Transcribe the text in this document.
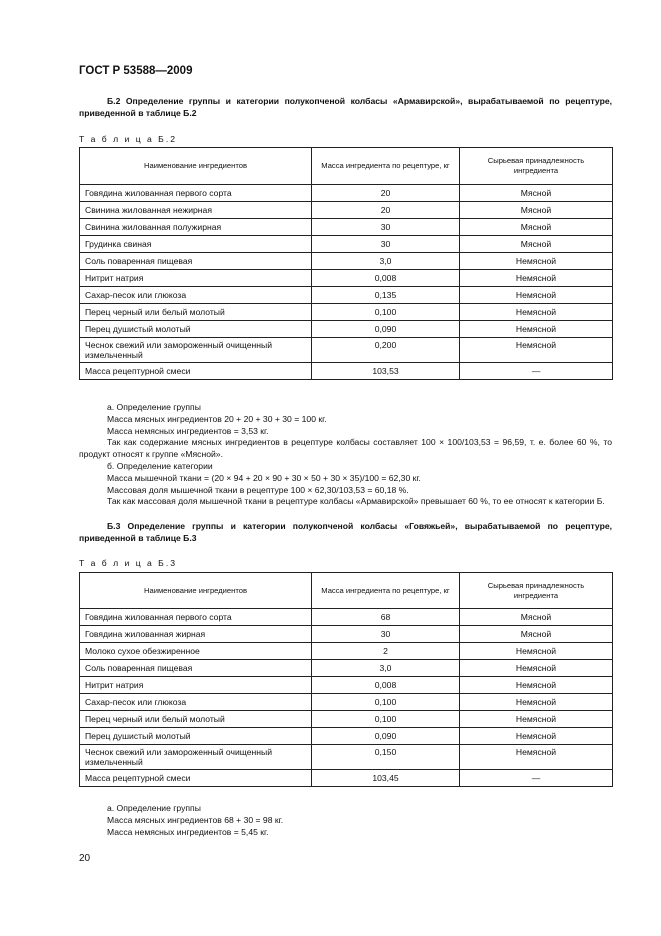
ГОСТ Р 53588—2009
Б.2 Определение группы и категории полукопченой колбасы «Армавирской», вырабатываемой по рецептуре, приведенной в таблице Б.2
Т а б л и ц а Б.2
Наименование ингредиентов	Масса ингредиента по рецептуре, кг	Сырьевая принадлежность ингредиента
Говядина жилованная первого сорта	20	Мясной
Свинина жилованная нежирная	20	Мясной
Свинина жилованная полужирная	30	Мясной
Грудинка свиная	30	Мясной
Соль поваренная пищевая	3,0	Немясной
Нитрит натрия	0,008	Немясной
Сахар-песок или глюкоза	0,135	Немясной
Перец черный или белый молотый	0,100	Немясной
Перец душистый молотый	0,090	Немясной
Чеснок свежий или замороженный очищенный измельченный	0,200	Немясной
Масса рецептурной смеси	103,53	—
а. Определение группы
Масса мясных ингредиентов 20 + 20 + 30 + 30 = 100 кг.
Масса немясных ингредиентов = 3,53 кг.
Так как содержание мясных ингредиентов в рецептуре колбасы составляет 100 × 100/103,53 = 96,59, т. е. более 60 %, то продукт относят к группе «Мясной».
б. Определение категории
Масса мышечной ткани = (20 × 94 + 20 × 90 + 30 × 50 + 30 × 35)/100 = 62,30 кг.
Массовая доля мышечной ткани в рецептуре 100 × 62,30/103,53 = 60,18 %.
Так как массовая доля мышечной ткани в рецептуре колбасы «Армавирской» превышает 60 %, то ее относят к категории Б.
Б.3 Определение группы и категории полукопченой колбасы «Говяжьей», вырабатываемой по рецептуре, приведенной в таблице Б.3
Т а б л и ц а Б.3
Наименование ингредиентов	Масса ингредиента по рецептуре, кг	Сырьевая принадлежность ингредиента
Говядина жилованная первого сорта	68	Мясной
Говядина жилованная жирная	30	Мясной
Молоко сухое обезжиренное	2	Немясной
Соль поваренная пищевая	3,0	Немясной
Нитрит натрия	0,008	Немясной
Сахар-песок или глюкоза	0,100	Немясной
Перец черный или белый молотый	0,100	Немясной
Перец душистый молотый	0,090	Немясной
Чеснок свежий или замороженный очищенный измельченный	0,150	Немясной
Масса рецептурной смеси	103,45	—
а. Определение группы
Масса мясных ингредиентов 68 + 30 = 98 кг.
Масса немясных ингредиентов = 5,45 кг.
20
